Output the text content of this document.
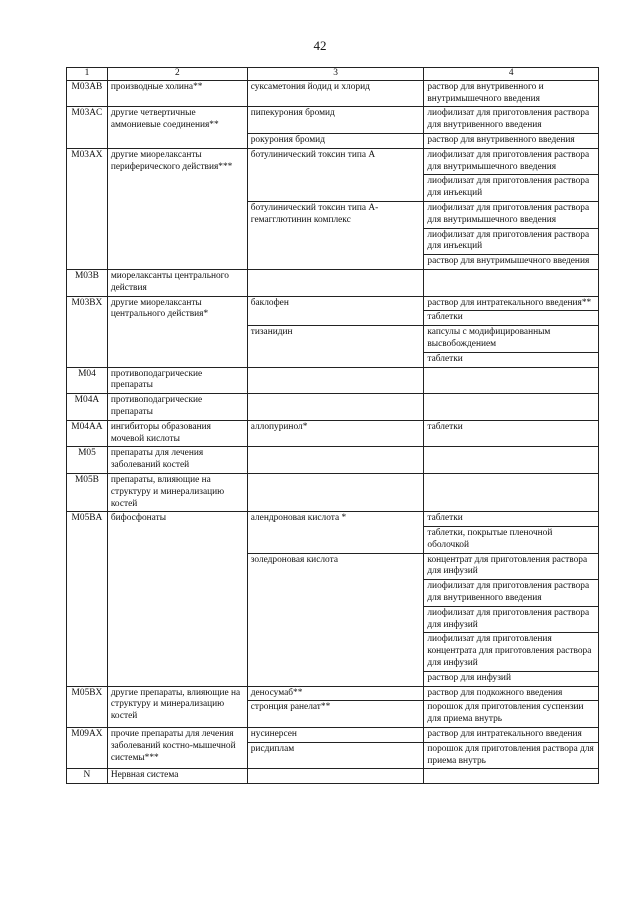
42
1	2	3	4
M03AB	производные холина**	суксаметония йодид и хлорид	раствор для внутривенного и внутримышечного введения
M03AC	другие четвертичные аммониевые соединения**	пипекурония бромид	лиофилизат для приготовления раствора для внутривенного введения
		рокурония бромид	раствор для внутривенного введения
M03AX	другие миорелаксанты периферического действия***	ботулинический токсин типа А	лиофилизат для приготовления раствора для внутримышечного введения
			лиофилизат для приготовления раствора для инъекций
		ботулинический токсин типа А-гемагглютинин комплекс	лиофилизат для приготовления раствора для внутримышечного введения
			лиофилизат для приготовления раствора для инъекций
			раствор для внутримышечного введения
M03B	миорелаксанты центрального действия		
M03BX	другие миорелаксанты центрального действия*	баклофен	раствор для интратекального введения**
			таблетки
		тизанидин	капсулы с модифицированным высвобождением
			таблетки
M04	противоподагрические препараты		
M04A	противоподагрические препараты		
M04AA	ингибиторы образования мочевой кислоты	аллопуринол*	таблетки
M05	препараты для лечения заболеваний костей		
M05B	препараты, влияющие на структуру и минерализацию костей		
M05BA	бифосфонаты	алендроновая кислота *	таблетки
			таблетки, покрытые пленочной оболочкой
		золедроновая кислота	концентрат для приготовления раствора для инфузий
			лиофилизат для приготовления раствора для внутривенного введения
			лиофилизат для приготовления раствора для инфузий
			лиофилизат для приготовления концентрата для приготовления раствора для инфузий
			раствор для инфузий
M05BX	другие препараты, влияющие на структуру и минерализацию костей	деносумаб**	раствор для подкожного введения
		стронция ранелат**	порошок для приготовления суспензии для приема внутрь
M09AX	прочие препараты для лечения заболеваний костно-мышечной системы***	нусинерсен	раствор для интратекального введения
		рисдиплам	порошок для приготовления раствора для приема внутрь
N	Нервная система		
